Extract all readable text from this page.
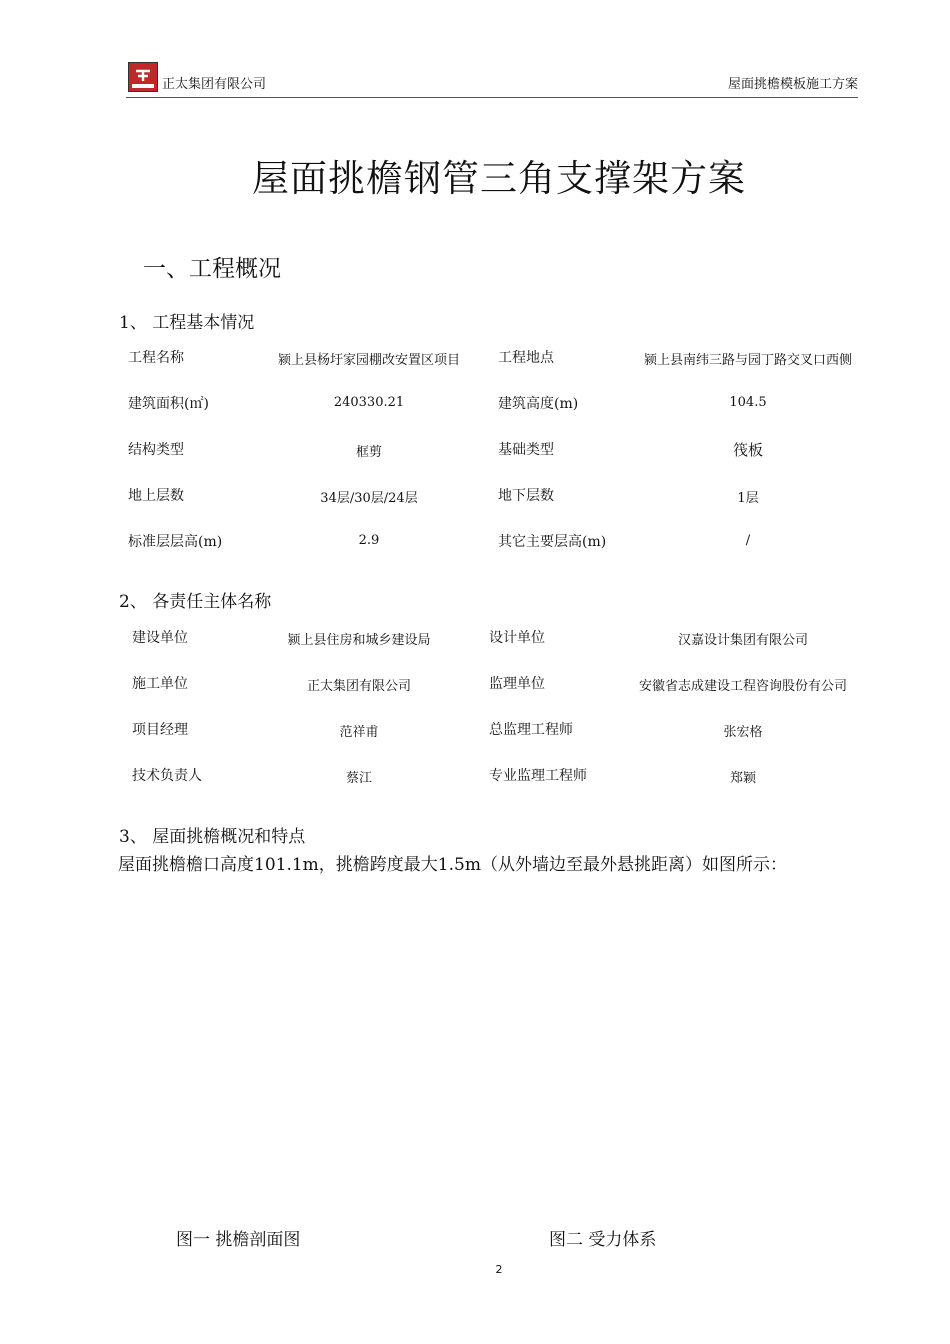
正太集团有限公司	屋面挑檐模板施工方案
屋面挑檐钢管三角支撑架方案
一、工程概况
1、 工程基本情况
工程名称	颍上县杨圩家园棚改安置区项目	工程地点	颍上县南纬三路与园丁路交叉口西侧
建筑面积(㎡)	240330.21	建筑高度(m)	104.5
结构类型	框剪	基础类型	筏板
地上层数	34层/30层/24层	地下层数	1层
标准层层高(m)	2.9	其它主要层高(m)	/
2、 各责任主体名称
建设单位	颍上县住房和城乡建设局	设计单位	汉嘉设计集团有限公司
施工单位	正太集团有限公司	监理单位	安徽省志成建设工程咨询股份有公司
项目经理	范祥甫	总监理工程师	张宏格
技术负责人	蔡江	专业监理工程师	郑颖
3、 屋面挑檐概况和特点
屋面挑檐檐口高度101.1m，挑檐跨度最大1.5m（从外墙边至最外悬挑距离）如图所示：
图一 挑檐剖面图	图二 受力体系
2
